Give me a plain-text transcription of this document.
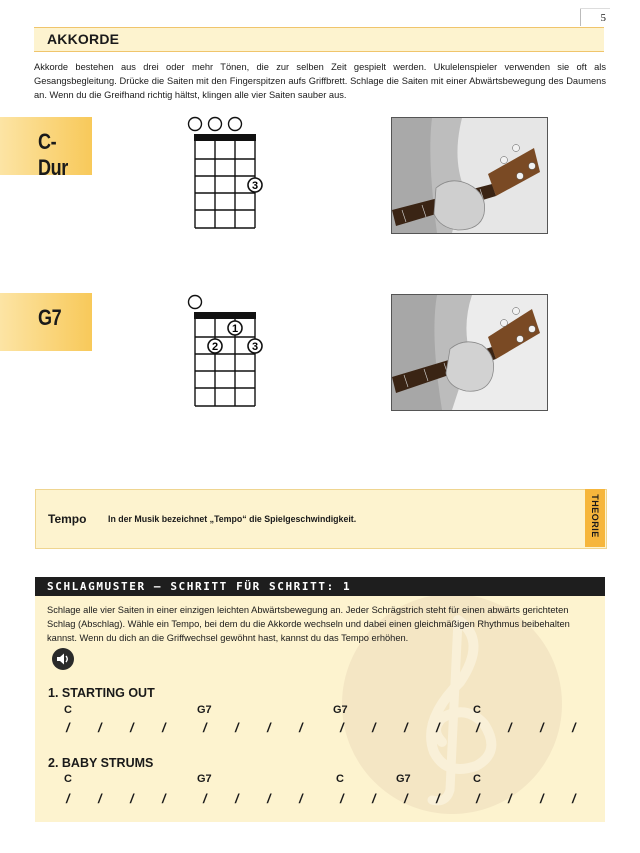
5
AKKORDE
Akkorde bestehen aus drei oder mehr Tönen, die zur selben Zeit gespielt werden. Ukulelenspieler verwenden sie oft als Gesangsbegleitung. Drücke die Saiten mit den Fingerspitzen aufs Griffbrett. Schlage die Saiten mit einer Abwärtsbewegung des Daumens an. Wenn du die Greifhand richtig hältst, klingen alle vier Saiten sauber aus.
C-Dur
3
G7	1
2	3
Tempo In der Musik bezeichnet „Tempo“ die Spielgeschwindigkeit.	THEORIE
SCHLAGMUSTER – SCHRITT FÜR SCHRITT: 1
Schlage alle vier Saiten in einer einzigen leichten Abwärtsbewegung an. Jeder Schrägstrich steht für einen abwärts gerichteten Schlag (Abschlag). Wähle ein Tempo, bei dem du die Akkorde wechseln und dabei einen gleichmäßigen Rhythmus beibehalten kannst. Wenn du dich an die Griffwechsel gewöhnt hast, kannst du das Tempo erhöhen.
1. STARTING OUT
C	G7	G7	C
/ / / /	/ / / /	/ / / /	/ / / /
2. BABY STRUMS
C	G7	C	G7	C
/ / / /	/ / / /	/ / / /	/ / / /
